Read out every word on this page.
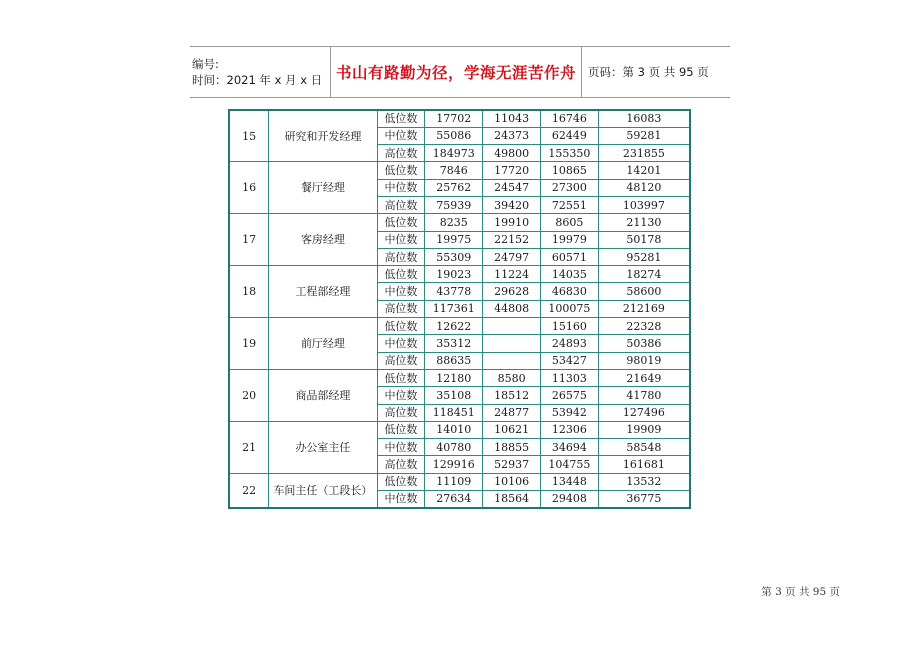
编号:
时间：2021 年 x 月 x 日 书山有路勤为径，学海无涯苦作舟 页码：第 3 页 共 95 页
15	研究和开发经理	低位数	17702	11043	16746	16083
		中位数	55086	24373	62449	59281
		高位数	184973	49800	155350	231855
16	餐厅经理	低位数	7846	17720	10865	14201
		中位数	25762	24547	27300	48120
		高位数	75939	39420	72551	103997
17	客房经理	低位数	8235	19910	8605	21130
		中位数	19975	22152	19979	50178
		高位数	55309	24797	60571	95281
18	工程部经理	低位数	19023	11224	14035	18274
		中位数	43778	29628	46830	58600
		高位数	117361	44808	100075	212169
19	前厅经理	低位数	12622		15160	22328
		中位数	35312		24893	50386
		高位数	88635		53427	98019
20	商品部经理	低位数	12180	8580	11303	21649
		中位数	35108	18512	26575	41780
		高位数	118451	24877	53942	127496
21	办公室主任	低位数	14010	10621	12306	19909
		中位数	40780	18855	34694	58548
		高位数	129916	52937	104755	161681
22	车间主任（工段长）	低位数	11109	10106	13448	13532
		中位数	27634	18564	29408	36775
第 3 页 共 95 页
